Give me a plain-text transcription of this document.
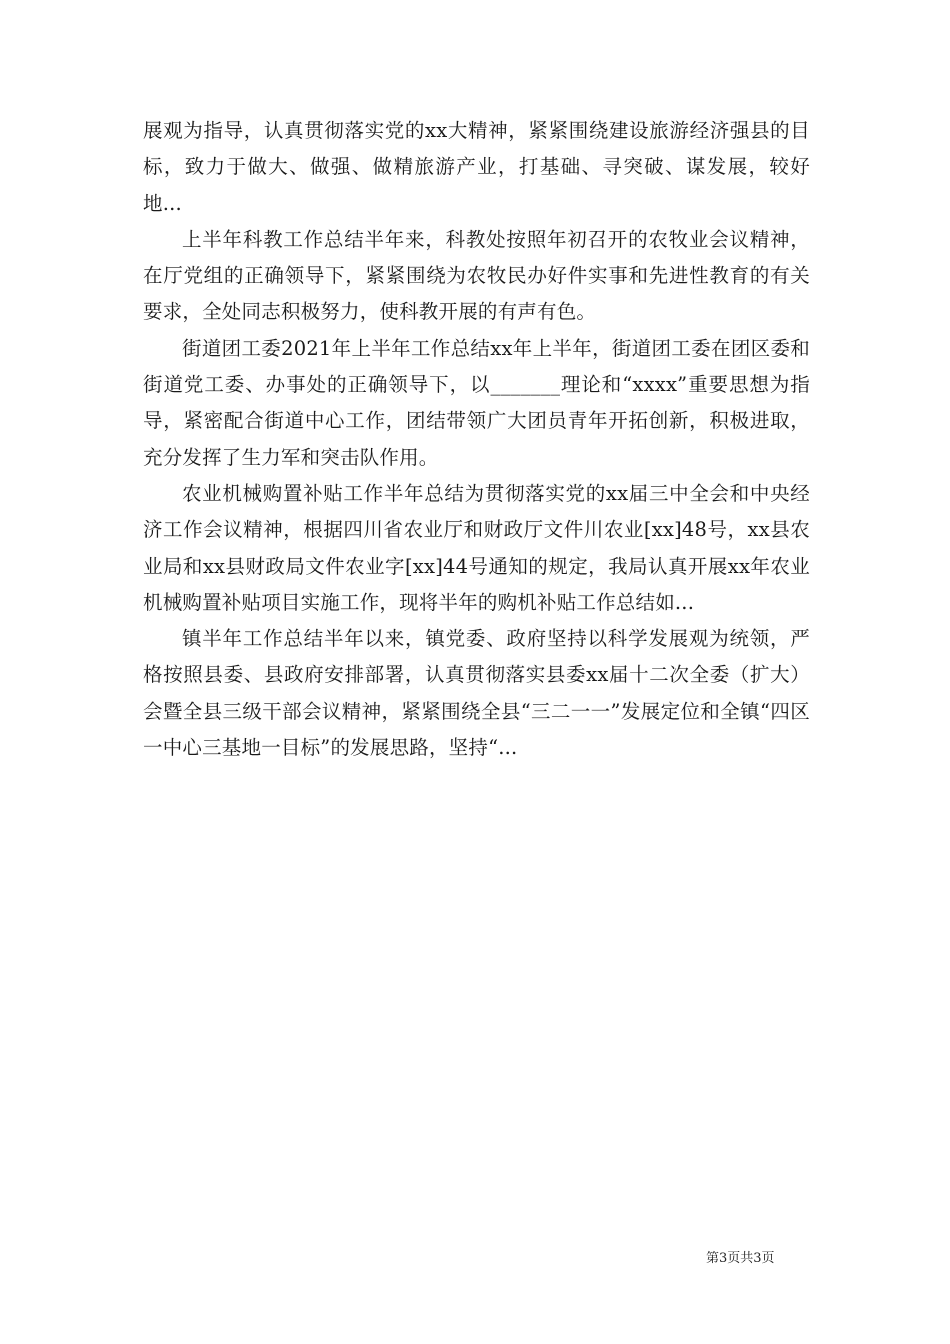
展观为指导，认真贯彻落实党的xx大精神，紧紧围绕建设旅游经济强县的目标，致力于做大、做强、做精旅游产业，打基础、寻突破、谋发展，较好地...

上半年科教工作总结半年来，科教处按照年初召开的农牧业会议精神，在厅党组的正确领导下，紧紧围绕为农牧民办好件实事和先进性教育的有关要求，全处同志积极努力，使科教开展的有声有色。

街道团工委2021年上半年工作总结xx年上半年，街道团工委在团区委和街道党工委、办事处的正确领导下，以_______理论和“xxxx”重要思想为指导，紧密配合街道中心工作，团结带领广大团员青年开拓创新，积极进取，充分发挥了生力军和突击队作用。

农业机械购置补贴工作半年总结为贯彻落实党的xx届三中全会和中央经济工作会议精神，根据四川省农业厅和财政厅文件川农业[xx]48号，xx县农业局和xx县财政局文件农业字[xx]44号通知的规定，我局认真开展xx年农业机械购置补贴项目实施工作，现将半年的购机补贴工作总结如...

镇半年工作总结半年以来，镇党委、政府坚持以科学发展观为统领，严格按照县委、县政府安排部署，认真贯彻落实县委xx届十二次全委（扩大）会暨全县三级干部会议精神，紧紧围绕全县“三二一一”发展定位和全镇“四区一中心三基地一目标”的发展思路，坚持“...

第3页共3页
